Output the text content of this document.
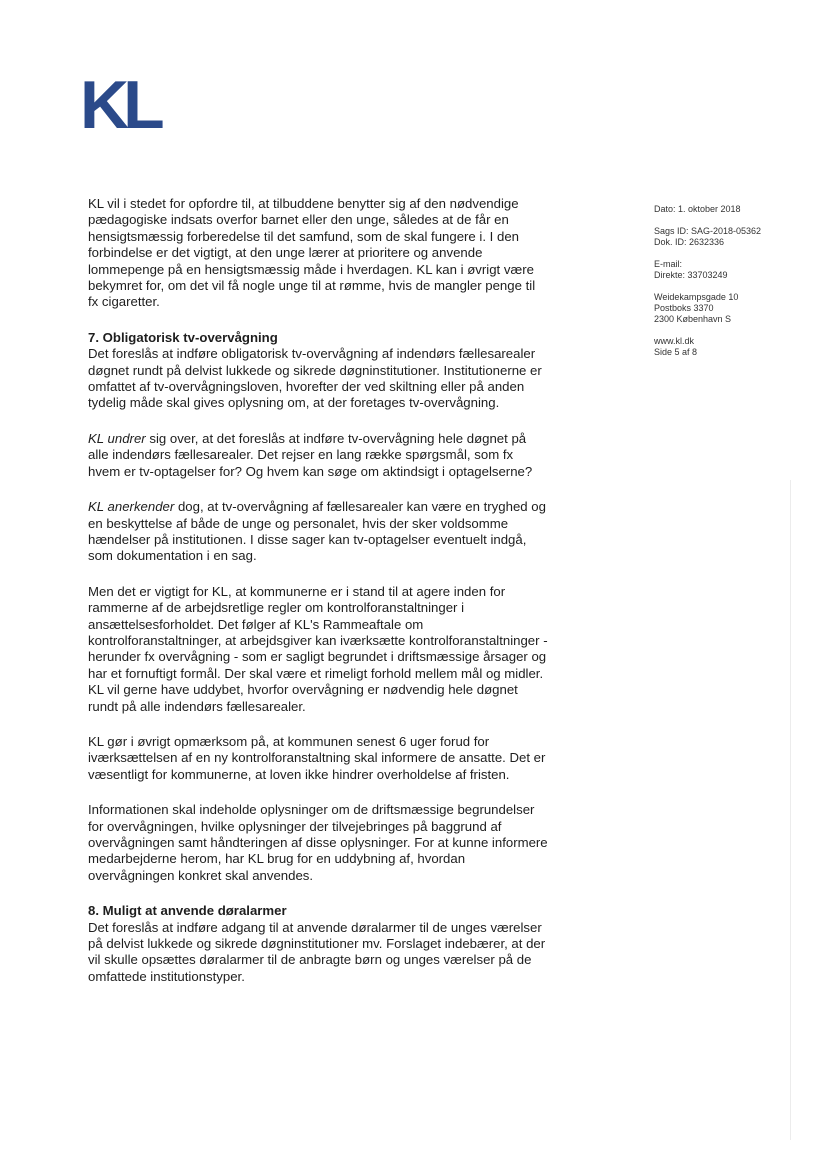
KL

KL vil i stedet for opfordre til, at tilbuddene benytter sig af den nødvendige pædagogiske indsats overfor barnet eller den unge, således at de får en hensigtsmæssig forberedelse til det samfund, som de skal fungere i. I den forbindelse er det vigtigt, at den unge lærer at prioritere og anvende lommepenge på en hensigtsmæssig måde i hverdagen. KL kan i øvrigt være bekymret for, om det vil få nogle unge til at rømme, hvis de mangler penge til fx cigaretter.

7. Obligatorisk tv-overvågning

Det foreslås at indføre obligatorisk tv-overvågning af indendørs fællesarealer døgnet rundt på delvist lukkede og sikrede døgninstitutioner. Institutionerne er omfattet af tv-overvågningsloven, hvorefter der ved skiltning eller på anden tydelig måde skal gives oplysning om, at der foretages tv-overvågning.

KL undrer sig over, at det foreslås at indføre tv-overvågning hele døgnet på alle indendørs fællesarealer. Det rejser en lang række spørgsmål, som fx hvem er tv-optagelser for? Og hvem kan søge om aktindsigt i optagelserne?

KL anerkender dog, at tv-overvågning af fællesarealer kan være en tryghed og en beskyttelse af både de unge og personalet, hvis der sker voldsomme hændelser på institutionen. I disse sager kan tv-optagelser eventuelt indgå, som dokumentation i en sag.

Men det er vigtigt for KL, at kommunerne er i stand til at agere inden for rammerne af de arbejdsretlige regler om kontrolforanstaltninger i ansættelsesforholdet. Det følger af KL's Rammeaftale om kontrolforanstaltninger, at arbejdsgiver kan iværksætte kontrolforanstaltninger - herunder fx overvågning - som er sagligt begrundet i driftsmæssige årsager og har et fornuftigt formål. Der skal være et rimeligt forhold mellem mål og midler. KL vil gerne have uddybet, hvorfor overvågning er nødvendig hele døgnet rundt på alle indendørs fællesarealer.

KL gør i øvrigt opmærksom på, at kommunen senest 6 uger forud for iværksættelsen af en ny kontrolforanstaltning skal informere de ansatte. Det er væsentligt for kommunerne, at loven ikke hindrer overholdelse af fristen.

Informationen skal indeholde oplysninger om de driftsmæssige begrundelser for overvågningen, hvilke oplysninger der tilvejebringes på baggrund af overvågningen samt håndteringen af disse oplysninger. For at kunne informere medarbejderne herom, har KL brug for en uddybning af, hvordan overvågningen konkret skal anvendes.

8. Muligt at anvende døralarmer

Det foreslås at indføre adgang til at anvende døralarmer til de unges værelser på delvist lukkede og sikrede døgninstitutioner mv. Forslaget indebærer, at der vil skulle opsættes døralarmer til de anbragte børn og unges værelser på de omfattede institutionstyper.

Dato: 1. oktober 2018
Sags ID: SAG-2018-05362
Dok. ID: 2632336
E-mail:
Direkte: 33703249
Weidekampsgade 10
Postboks 3370
2300 København S
www.kl.dk
Side 5 af 8
